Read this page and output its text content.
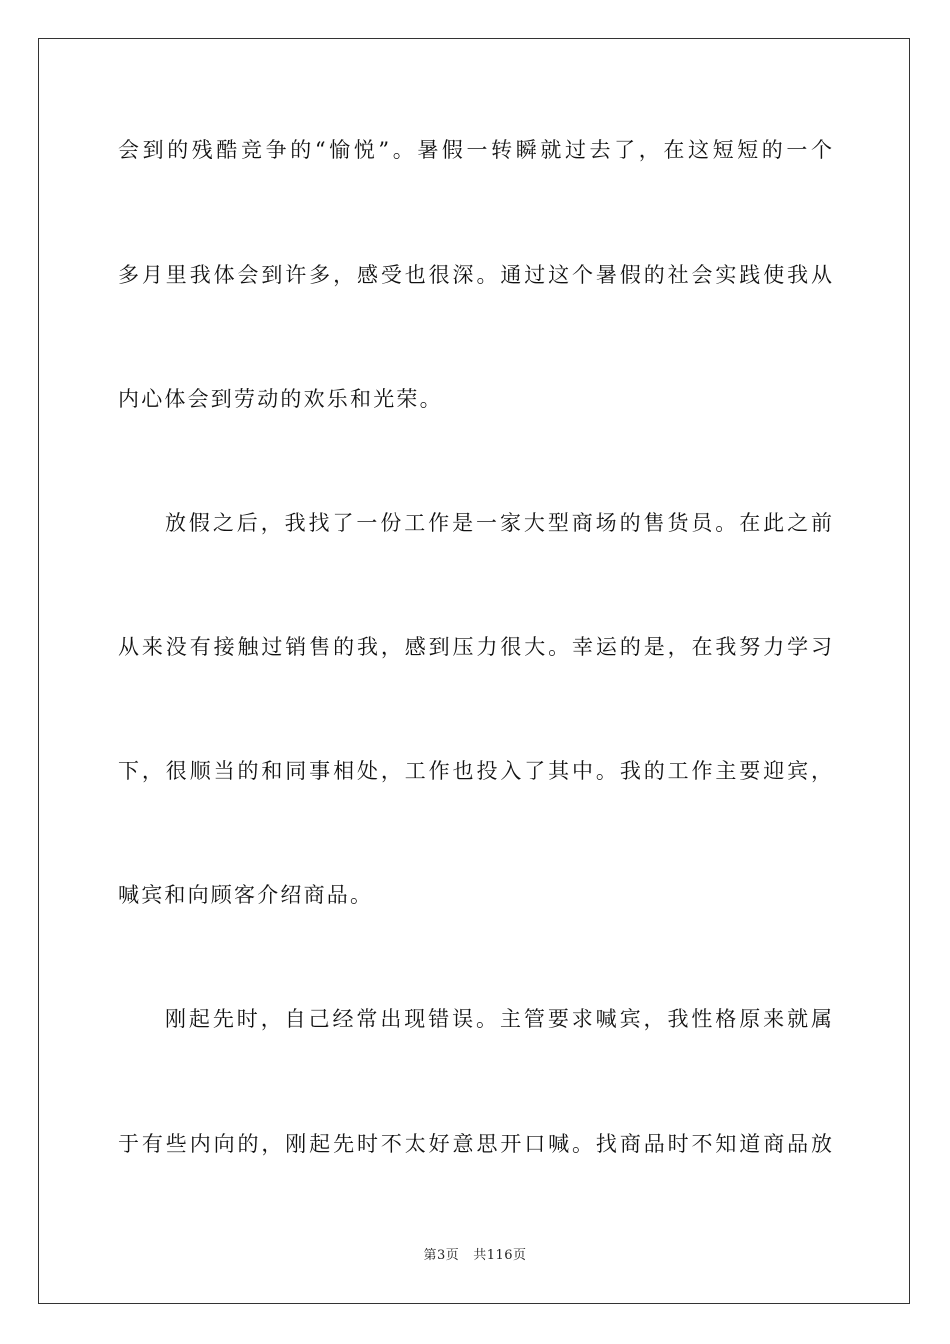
会到的残酷竞争的“愉悦”。暑假一转瞬就过去了，在这短短的一个
多月里我体会到许多，感受也很深。通过这个暑假的社会实践使我从
内心体会到劳动的欢乐和光荣。
放假之后，我找了一份工作是一家大型商场的售货员。在此之前
从来没有接触过销售的我，感到压力很大。幸运的是，在我努力学习
下，很顺当的和同事相处，工作也投入了其中。我的工作主要迎宾，
喊宾和向顾客介绍商品。
刚起先时，自己经常出现错误。主管要求喊宾，我性格原来就属
于有些内向的，刚起先时不太好意思开口喊。找商品时不知道商品放
第3页 共116页
